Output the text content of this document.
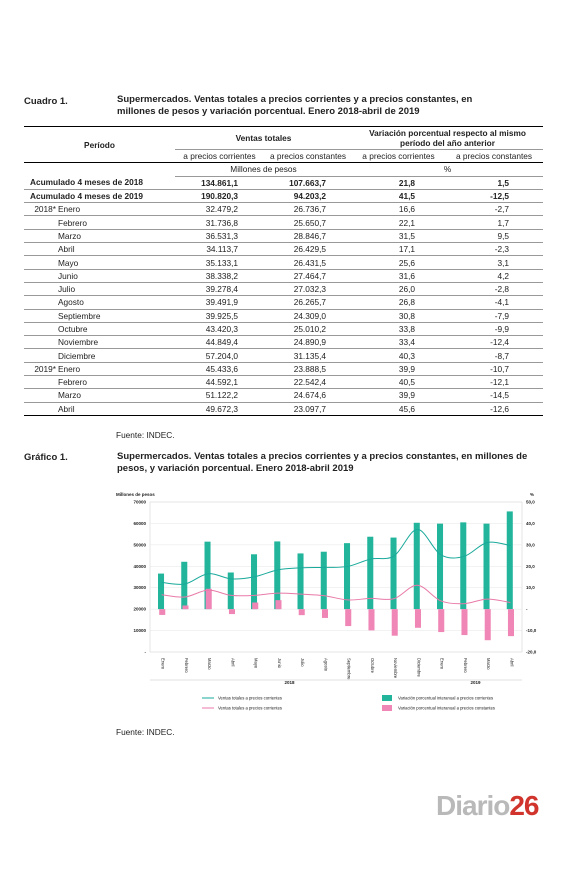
Cuadro 1.	Supermercados. Ventas totales a precios corrientes y a precios constantes, en millones de pesos y variación porcentual. Enero 2018-abril de 2019
Período	Ventas totales		Variación porcentual respecto al mismo período del año anterior	
	a precios corrientes	a precios constantes	a precios corrientes	a precios constantes
	Millones de pesos		%	
Acumulado 4 meses de 2018	134.861,1	107.663,7	21,8	1,5
Acumulado 4 meses de 2019	190.820,3	94.203,2	41,5	-12,5
2018* Enero	32.479,2	26.736,7	16,6	-2,7
Febrero	31.736,8	25.650,7	22,1	1,7
Marzo	36.531,3	28.846,7	31,5	9,5
Abril	34.113,7	26.429,5	17,1	-2,3
Mayo	35.133,1	26.431,5	25,6	3,1
Junio	38.338,2	27.464,7	31,6	4,2
Julio	39.278,4	27.032,3	26,0	-2,8
Agosto	39.491,9	26.265,7	26,8	-4,1
Septiembre	39.925,5	24.309,0	30,8	-7,9
Octubre	43.420,3	25.010,2	33,8	-9,9
Noviembre	44.849,4	24.890,9	33,4	-12,4
Diciembre	57.204,0	31.135,4	40,3	-8,7
2019* Enero	45.433,6	23.888,5	39,9	-10,7
Febrero	44.592,1	22.542,4	40,5	-12,1
Marzo	51.122,2	24.674,6	39,9	-14,5
Abril	49.672,3	23.097,7	45,6	-12,6
Fuente: INDEC.
Gráfico 1.	Supermercados. Ventas totales a precios corrientes y a precios constantes, en millones de pesos, y variación porcentual. Enero 2018-abril 2019
70000	50,0
60000	40,0
50000	30,0
40000	20,0
30000	10,0
20000	-
10000	-10,0
-	-20,0
Millones de pesos	%
Enero	Febrero	Marzo	Abril	Mayo	Junio	Julio	Agosto	Septiembre	Octubre	Noviembre	Diciembre	Enero	Febrero	Marzo	Abril
2018	2019
Ventas totales a precios corrientes
Ventas totales a precios corrientes
Variación porcentual interanual a precios corrientes
Variación porcentual interanual a precios constantes
Fuente: INDEC.
Diario26
